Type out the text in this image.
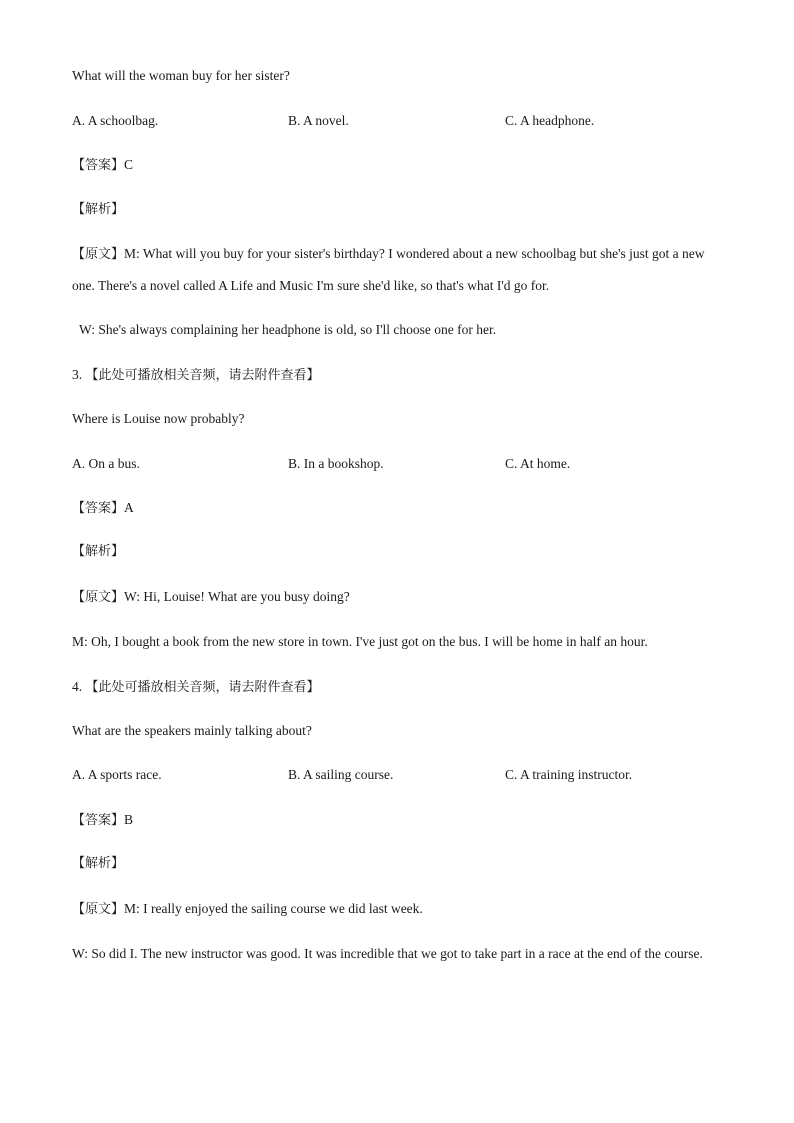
What will the woman buy for her sister?
A. A schoolbag.	B. A novel.	C. A headphone.
【答案】C
【解析】
【原文】M: What will you buy for your sister's birthday? I wondered about a new schoolbag but she's just got a new one. There's a novel called A Life and Music I'm sure she'd like, so that's what I'd go for.
W: She's always complaining her headphone is old, so I'll choose one for her.
3. 【此处可播放相关音频，请去附件查看】
Where is Louise now probably?
A. On a bus.	B. In a bookshop.	C. At home.
【答案】A
【解析】
【原文】W: Hi, Louise! What are you busy doing?
M: Oh, I bought a book from the new store in town. I've just got on the bus. I will be home in half an hour.
4. 【此处可播放相关音频，请去附件查看】
What are the speakers mainly talking about?
A. A sports race.	B. A sailing course.	C. A training instructor.
【答案】B
【解析】
【原文】M: I really enjoyed the sailing course we did last week.
W: So did I. The new instructor was good. It was incredible that we got to take part in a race at the end of the course.
